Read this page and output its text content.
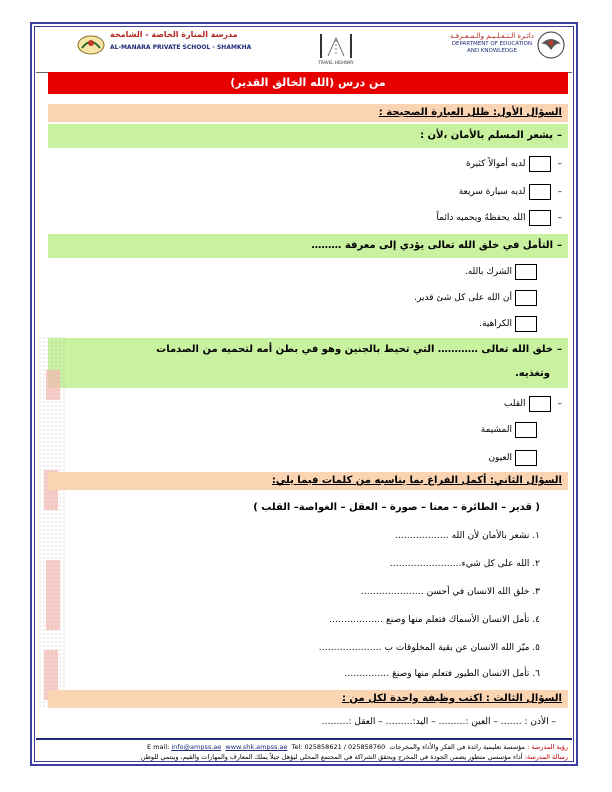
مدرسة المنارة الخاصة - الشامخة
AL-MANARA PRIVATE SCHOOL - SHAMKHA
TRAVEL HIGHWAY
دائـرة الـتـعـلـيـم والـمـعـرفـة
DEPARTMENT OF EDUCATION
AND KNOWLEDGE
من درس (الله الخالق القدير)
السؤال الأول: ظلل العبارة الصحيحة :
–يشعر المسلم بالأمان ،لأن :
–لديه أموالاً كثيرة
–لديه سيارة سريعة
–الله يحفظهُ ويحميه دائماً
–التأمل في خلق الله تعالى يؤدي إلى معرفة ………
الشرك بالله.
أن الله على كل شئ قدير.
الكراهية.
–خلق الله تعالى ………… التي تحيط بالجنين وهو في بطن أمه لتحميه من الصدمات
وتغذيه.
–القلب
المشيمة
العيون
السؤال الثاني: أكمل الفراغ بما يناسبه من كلمات فيما يلي:
( قدير – الطائرة – معنا – صورة – العقل – الغواصة– القلب )
١. نشعر بالأمان لأن الله ………………
٢. الله على كل شيء……………………
٣. خلق الله الانسان في أحسن …………………
٤. تأمل الانسان الأسماك فتعلم منها وصنع ………………
٥. ميّز الله الانسان عن بقية المخلوقات ب …………………
٦. تأمل الانسان الطيور فتعلم منها وصنعَ ……………
السؤال الثالث : اكتب وظيفة واحدة لكل من :
– الأذن : ……. – العين :……… – اليد:……… – العقل :………
رؤية المدرسة : مؤسسة تعليمية رائدة في الفكر والأداء والمخرجات  Tel: 025858621 / 025858760  www.shk.ampss.ae  info@ampss.ae E mail:
رسالة المدرسة: أداء مؤسسي متطور يضمن الجودة في المخرج ويحقق الشراكة في المجتمع المحلي ليؤهل جيلاً يملك المعارف والمهارات والقيم، وينتمي للوطن
